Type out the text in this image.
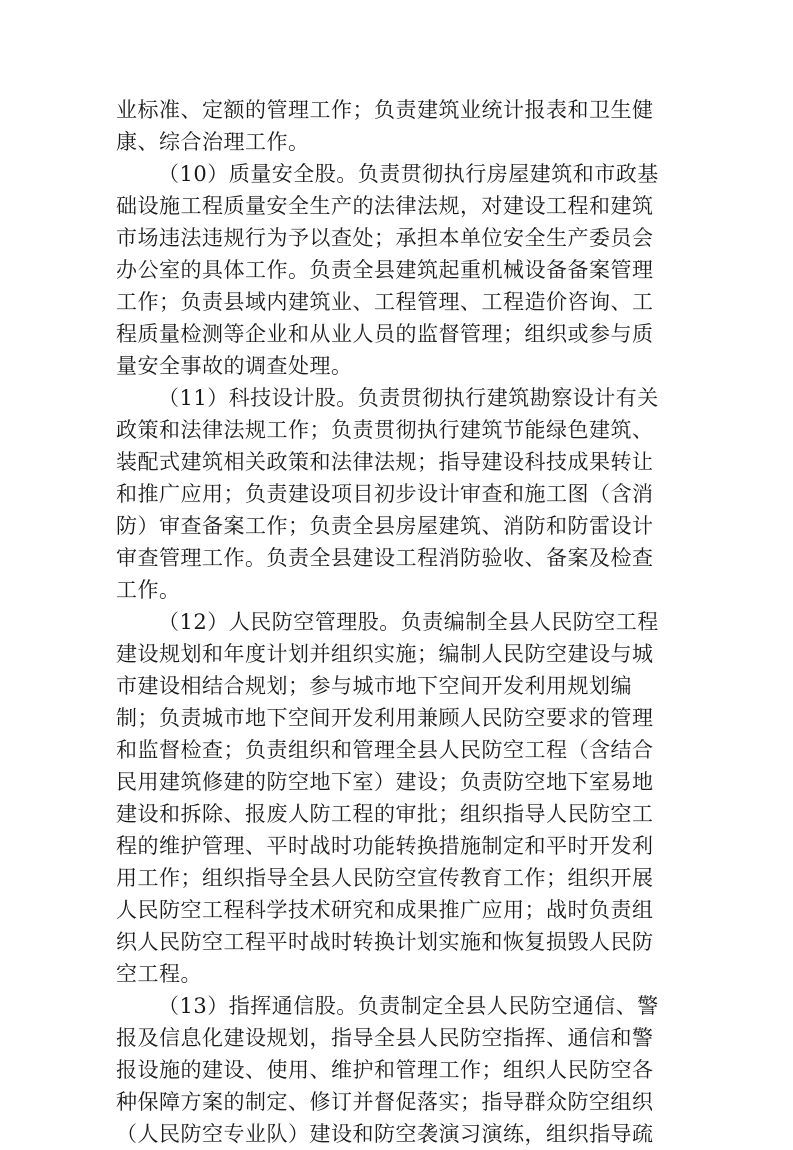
业标准、定额的管理工作；负责建筑业统计报表和卫生健
康、综合治理工作。
（10）质量安全股。负责贯彻执行房屋建筑和市政基
础设施工程质量安全生产的法律法规，对建设工程和建筑
市场违法违规行为予以查处；承担本单位安全生产委员会
办公室的具体工作。负责全县建筑起重机械设备备案管理
工作；负责县域内建筑业、工程管理、工程造价咨询、工
程质量检测等企业和从业人员的监督管理；组织或参与质
量安全事故的调查处理。
（11）科技设计股。负责贯彻执行建筑勘察设计有关
政策和法律法规工作；负责贯彻执行建筑节能绿色建筑、
装配式建筑相关政策和法律法规；指导建设科技成果转让
和推广应用；负责建设项目初步设计审查和施工图（含消
防）审查备案工作；负责全县房屋建筑、消防和防雷设计
审查管理工作。负责全县建设工程消防验收、备案及检查
工作。
（12）人民防空管理股。负责编制全县人民防空工程
建设规划和年度计划并组织实施；编制人民防空建设与城
市建设相结合规划；参与城市地下空间开发利用规划编
制；负责城市地下空间开发利用兼顾人民防空要求的管理
和监督检查；负责组织和管理全县人民防空工程（含结合
民用建筑修建的防空地下室）建设；负责防空地下室易地
建设和拆除、报废人防工程的审批；组织指导人民防空工
程的维护管理、平时战时功能转换措施制定和平时开发利
用工作；组织指导全县人民防空宣传教育工作；组织开展
人民防空工程科学技术研究和成果推广应用；战时负责组
织人民防空工程平时战时转换计划实施和恢复损毁人民防
空工程。
（13）指挥通信股。负责制定全县人民防空通信、警
报及信息化建设规划，指导全县人民防空指挥、通信和警
报设施的建设、使用、维护和管理工作；组织人民防空各
种保障方案的制定、修订并督促落实；指导群众防空组织
（人民防空专业队）建设和防空袭演习演练，组织指导疏
